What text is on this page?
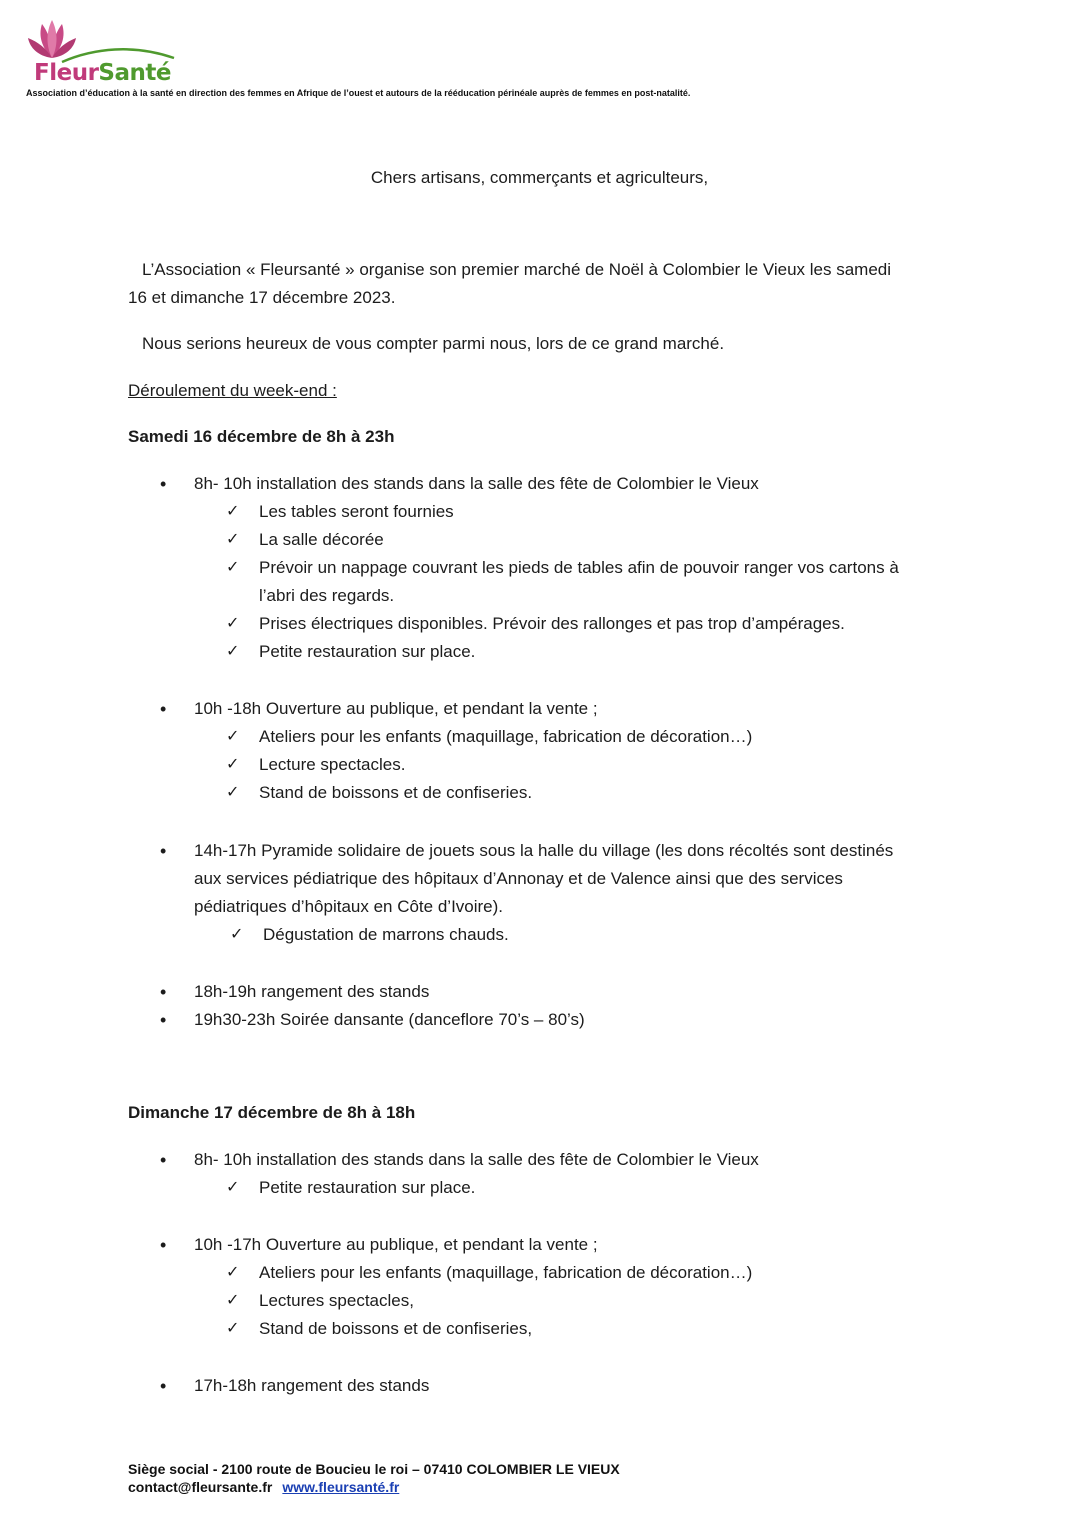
FleurSanté
Association d’éducation à la santé en direction des femmes en Afrique de l’ouest et autours de la rééducation périnéale auprès de femmes en post-natalité.
Chers artisans, commerçants et agriculteurs,
L’Association « Fleursanté » organise son premier marché de Noël à Colombier le Vieux les samedi
16 et dimanche 17 décembre 2023.
Nous serions heureux de vous compter parmi nous, lors de ce grand marché.
Déroulement du week-end :
Samedi 16 décembre de 8h à 23h
• 8h- 10h installation des stands dans la salle des fête de Colombier le Vieux
✓ Les tables seront fournies
✓ La salle décorée
✓ Prévoir un nappage couvrant les pieds de tables afin de pouvoir ranger vos cartons à
l’abri des regards.
✓ Prises électriques disponibles. Prévoir des rallonges et pas trop d’ampérages.
✓ Petite restauration sur place.
• 10h -18h Ouverture au publique, et pendant la vente ;
✓ Ateliers pour les enfants (maquillage, fabrication de décoration…)
✓ Lecture spectacles.
✓ Stand de boissons et de confiseries.
• 14h-17h Pyramide solidaire de jouets sous la halle du village (les dons récoltés sont destinés
aux services pédiatrique des hôpitaux d’Annonay et de Valence ainsi que des services
pédiatriques d’hôpitaux en Côte d’Ivoire).
✓ Dégustation de marrons chauds.
• 18h-19h rangement des stands
• 19h30-23h Soirée dansante (danceflore 70’s – 80’s)
Dimanche 17 décembre de 8h à 18h
• 8h- 10h installation des stands dans la salle des fête de Colombier le Vieux
✓ Petite restauration sur place.
• 10h -17h Ouverture au publique, et pendant la vente ;
✓ Ateliers pour les enfants (maquillage, fabrication de décoration…)
✓ Lectures spectacles,
✓ Stand de boissons et de confiseries,
• 17h-18h rangement des stands
Siège social - 2100 route de Boucieu le roi – 07410 COLOMBIER LE VIEUX
contact@fleursante.fr www.fleursanté.fr
